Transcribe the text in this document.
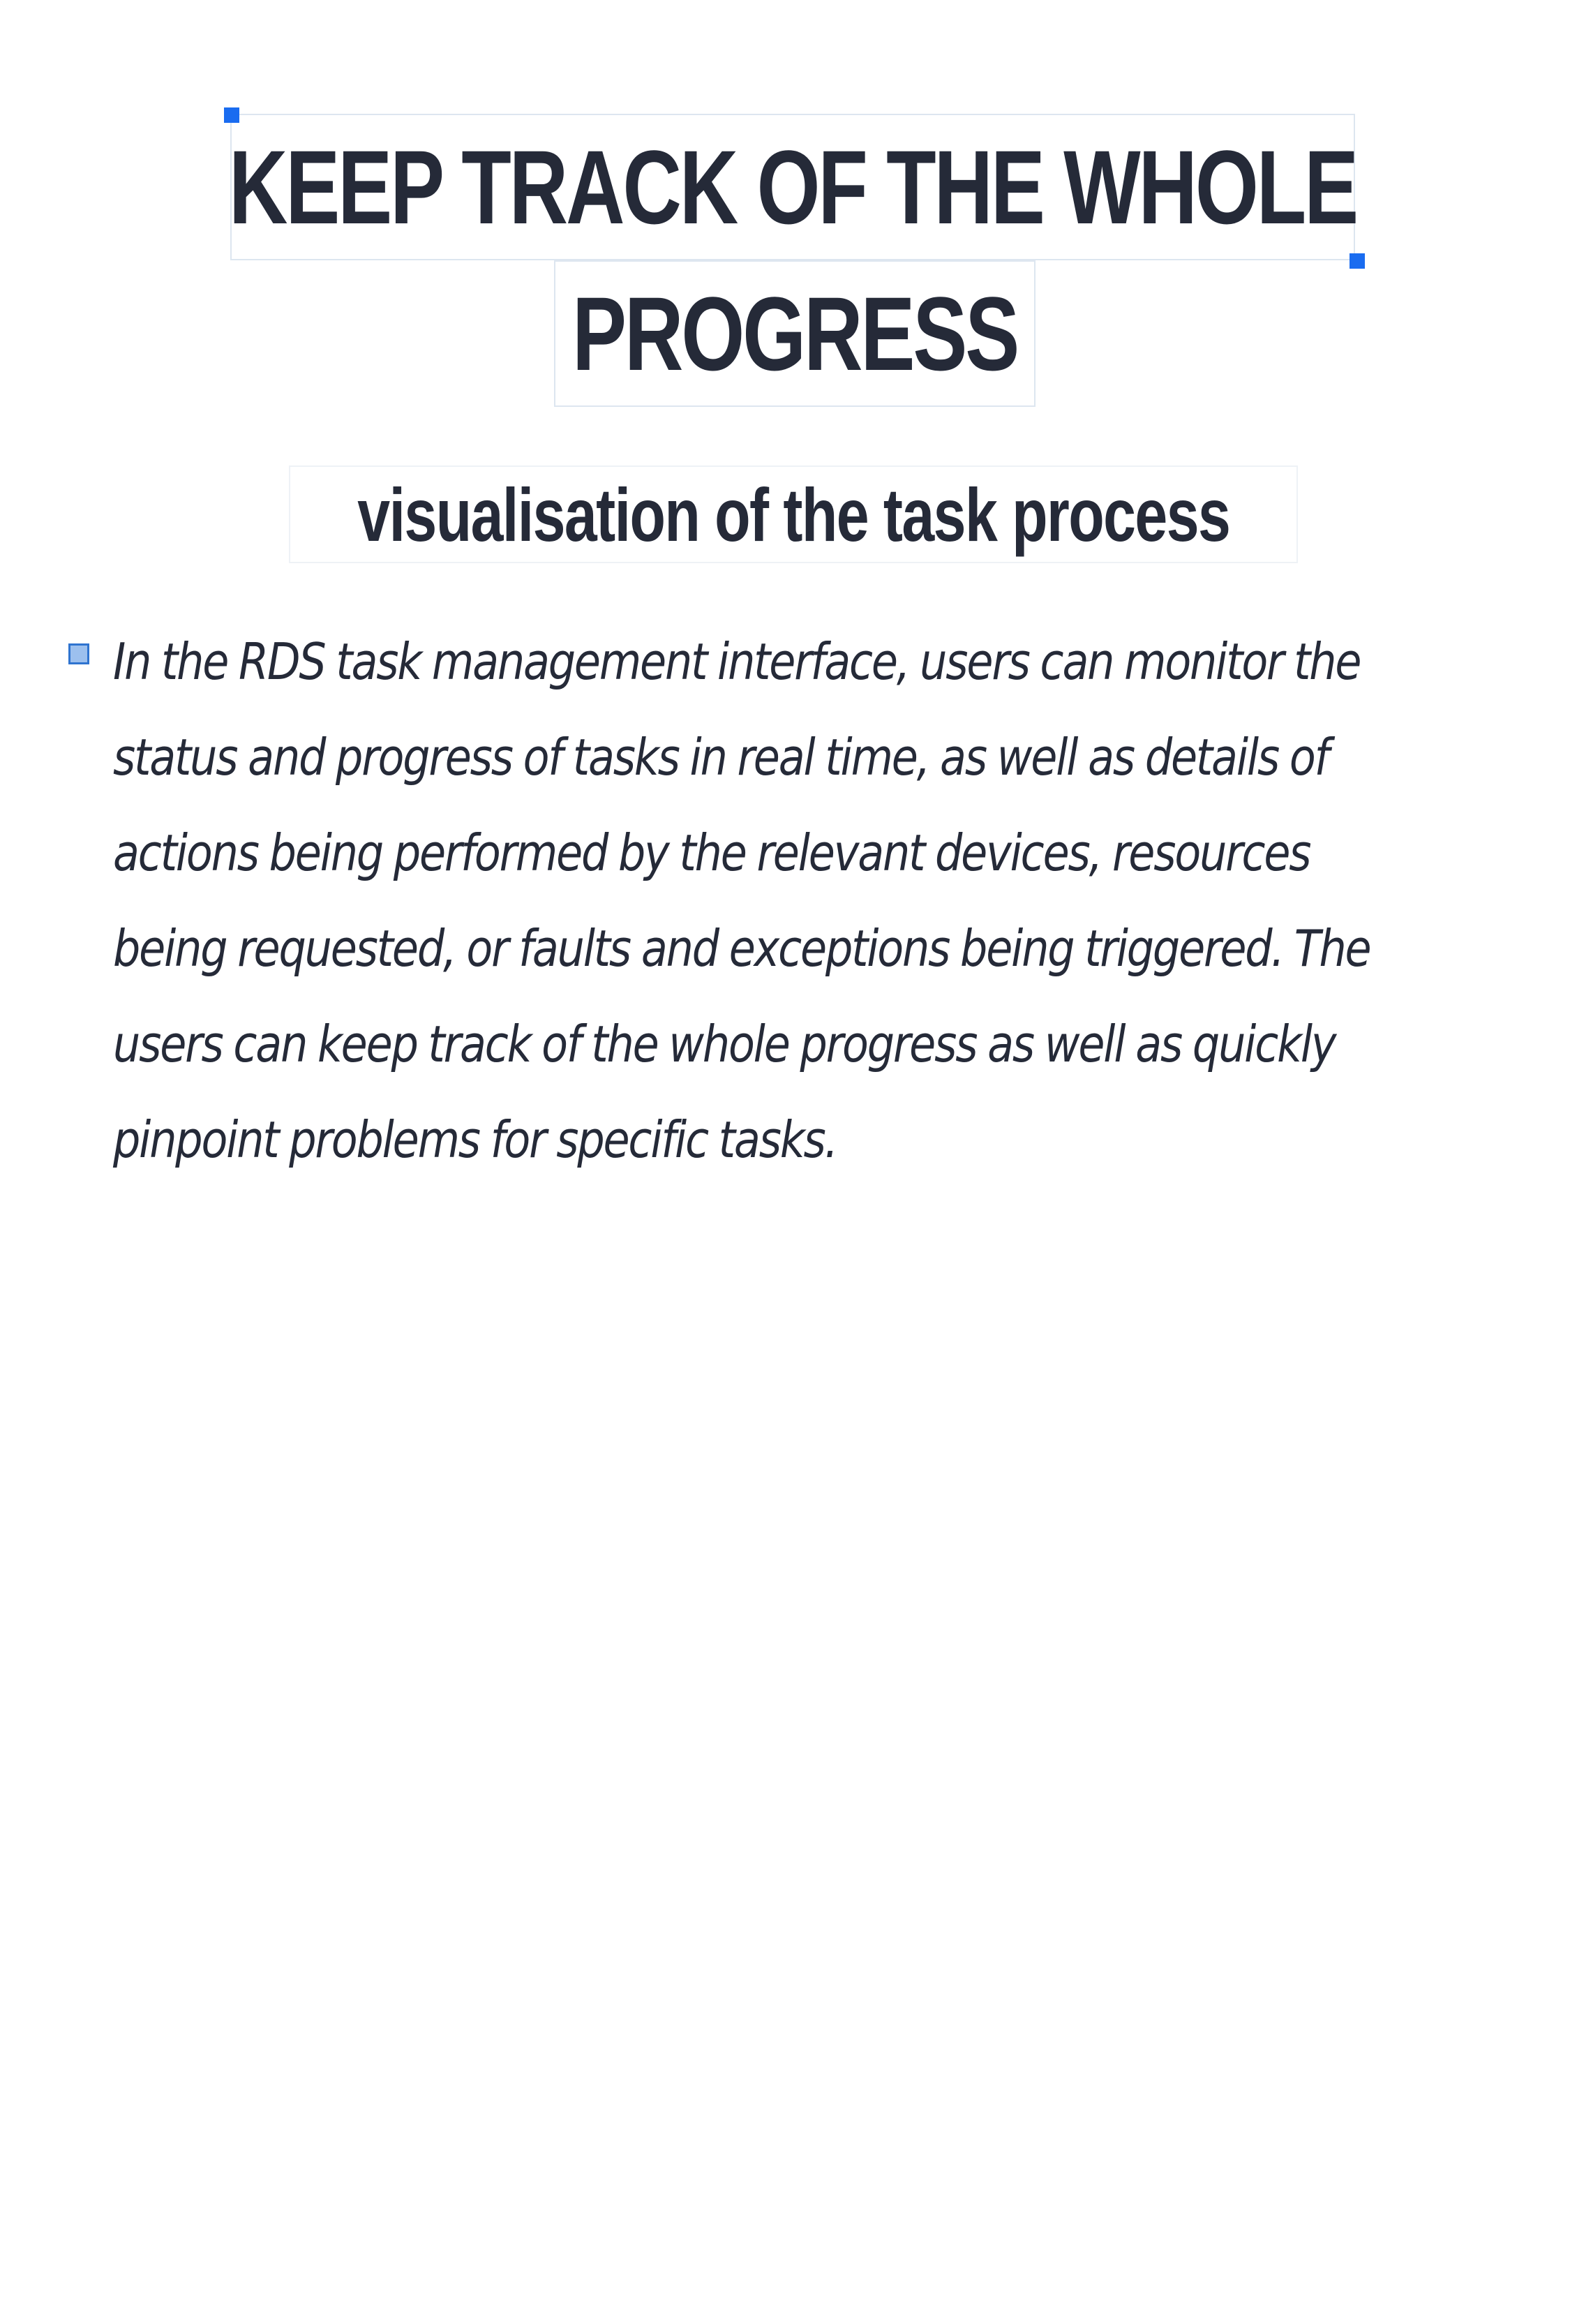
KEEP TRACK OF THE WHOLE
PROGRESS
visualisation of the task process
In the RDS task management interface, users can monitor the
status and progress of tasks in real time, as well as details of
actions being performed by the relevant devices, resources
being requested, or faults and exceptions being triggered. The
users can keep track of the whole progress as well as quickly
pinpoint problems for specific tasks.
